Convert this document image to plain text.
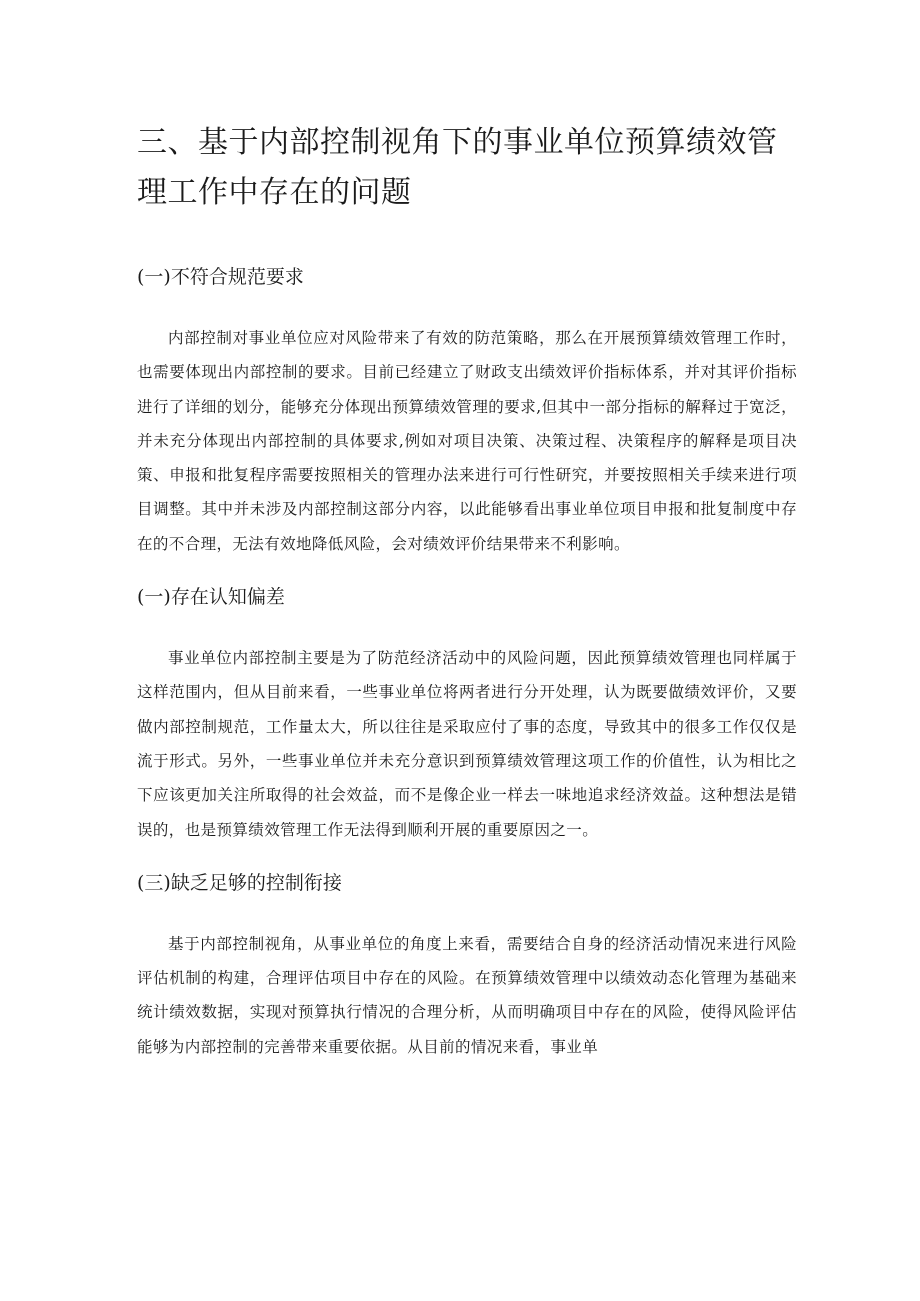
三、基于内部控制视角下的事业单位预算绩效管理工作中存在的问题
(一)不符合规范要求

内部控制对事业单位应对风险带来了有效的防范策略，那么在开展预算绩效管理工作时，也需要体现出内部控制的要求。目前已经建立了财政支出绩效评价指标体系，并对其评价指标进行了详细的划分，能够充分体现出预算绩效管理的要求,但其中一部分指标的解释过于宽泛，并未充分体现出内部控制的具体要求,例如对项目决策、决策过程、决策程序的解释是项目决策、申报和批复程序需要按照相关的管理办法来进行可行性研究，并要按照相关手续来进行项目调整。其中并未涉及内部控制这部分内容，以此能够看出事业单位项目申报和批复制度中存在的不合理，无法有效地降低风险，会对绩效评价结果带来不利影响。

(一)存在认知偏差

事业单位内部控制主要是为了防范经济活动中的风险问题，因此预算绩效管理也同样属于这样范围内，但从目前来看，一些事业单位将两者进行分开处理，认为既要做绩效评价，又要做内部控制规范，工作量太大，所以往往是采取应付了事的态度，导致其中的很多工作仅仅是流于形式。另外，一些事业单位并未充分意识到预算绩效管理这项工作的价值性，认为相比之下应该更加关注所取得的社会效益，而不是像企业一样去一味地追求经济效益。这种想法是错误的，也是预算绩效管理工作无法得到顺利开展的重要原因之一。

(三)缺乏足够的控制衔接

基于内部控制视角，从事业单位的角度上来看，需要结合自身的经济活动情况来进行风险评估机制的构建，合理评估项目中存在的风险。在预算绩效管理中以绩效动态化管理为基础来统计绩效数据，实现对预算执行情况的合理分析，从而明确项目中存在的风险，使得风险评估能够为内部控制的完善带来重要依据。从目前的情况来看，事业单
